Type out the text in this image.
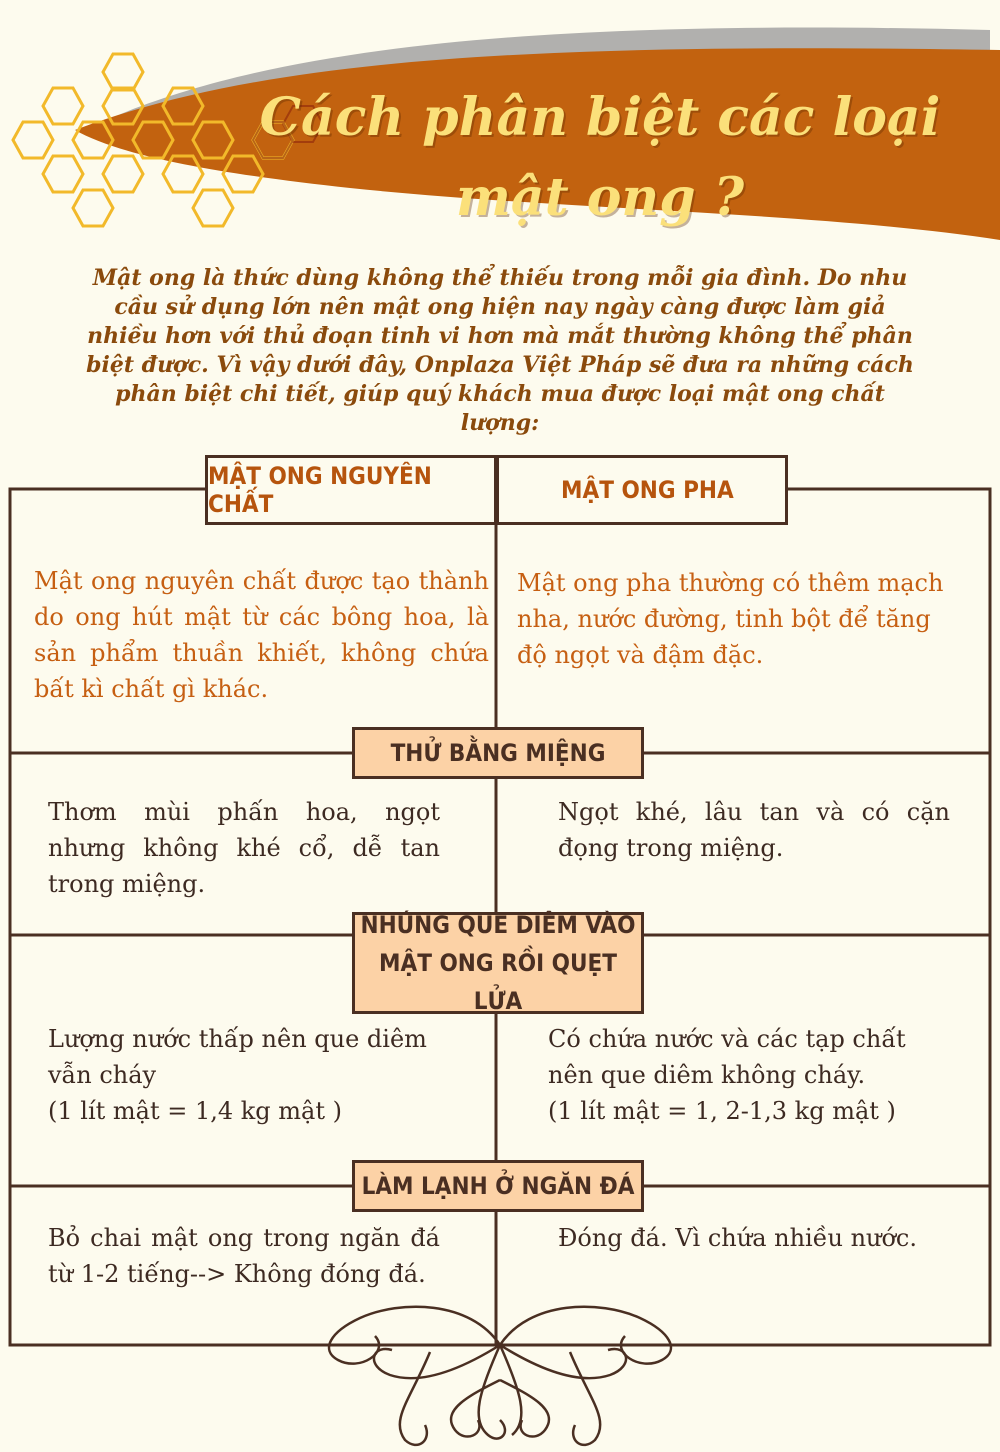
Cách phân biệt các loại
mật ong ?

Mật ong là thức dùng không thể thiếu trong mỗi gia đình. Do nhu cầu sử dụng lớn nên mật ong hiện nay ngày càng được làm giả nhiều hơn với thủ đoạn tinh vi hơn mà mắt thường không thể phân biệt được. Vì vậy dưới đây, Onplaza Việt Pháp sẽ đưa ra những cách phân biệt chi tiết, giúp quý khách mua được loại mật ong chất lượng:

MẬT ONG NGUYÊN CHẤT	MẬT ONG PHA

Mật ong nguyên chất được tạo thành do ong hút mật từ các bông hoa, là sản phẩm thuần khiết, không chứa bất kì chất gì khác.

Mật ong pha thường có thêm mạch nha, nước đường, tinh bột để tăng độ ngọt và đậm đặc.

THỬ BẰNG MIỆNG

Thơm mùi phấn hoa, ngọt nhưng không khé cổ, dễ tan trong miệng.

Ngọt khé, lâu tan và có cặn đọng trong miệng.

NHÚNG QUE DIÊM VÀO
MẬT ONG RỒI QUẸT LỬA

Lượng nước thấp nên que diêm vẫn cháy
(1 lít mật = 1,4 kg mật )

Có chứa nước và các tạp chất nên que diêm không cháy.
(1 lít mật = 1, 2-1,3 kg mật )

LÀM LẠNH Ở NGĂN ĐÁ

Bỏ chai mật ong trong ngăn đá từ 1-2 tiếng--> Không đóng đá.

Đóng đá. Vì chứa nhiều nước.
